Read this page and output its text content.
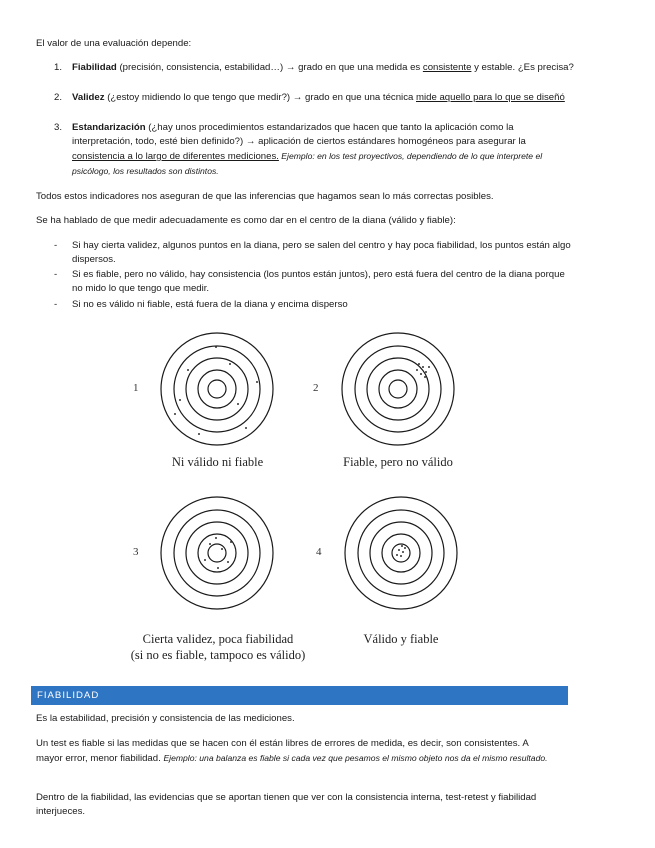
El valor de una evaluación depende:

1.	Fiabilidad (precisión, consistencia, estabilidad…) → grado en que una medida es consistente y estable. ¿Es precisa?
2.	Validez (¿estoy midiendo lo que tengo que medir?) → grado en que una técnica mide aquello para lo que se diseñó
3.	Estandarización (¿hay unos procedimientos estandarizados que hacen que tanto la aplicación como la interpretación, todo, esté bien definido?) → aplicación de ciertos estándares homogéneos para asegurar la consistencia a lo largo de diferentes mediciones. Ejemplo: en los test proyectivos, dependiendo de lo que interprete el psicólogo, los resultados son distintos.

Todos estos indicadores nos aseguran de que las inferencias que hagamos sean lo más correctas posibles.

Se ha hablado de que medir adecuadamente es como dar en el centro de la diana (válido y fiable):

- Si hay cierta validez, algunos puntos en la diana, pero se salen del centro y hay poca fiabilidad, los puntos están algo dispersos.
- Si es fiable, pero no válido, hay consistencia (los puntos están juntos), pero está fuera del centro de la diana porque no mido lo que tengo que medir.
- Si no es válido ni fiable, está fuera de la diana y encima disperso
1
Ni válido ni fiable
2
Fiable, pero no válido
3
Cierta validez, poca fiabilidad
(si no es fiable, tampoco es válido)
4
Válido y fiable
FIABILIDAD

Es la estabilidad, precisión y consistencia de las mediciones.

Un test es fiable si las medidas que se hacen con él están libres de errores de medida, es decir, son consistentes. A mayor error, menor fiabilidad. Ejemplo: una balanza es fiable si cada vez que pesamos el mismo objeto nos da el mismo resultado.

Dentro de la fiabilidad, las evidencias que se aportan tienen que ver con la consistencia interna, test-retest y fiabilidad interjueces.
